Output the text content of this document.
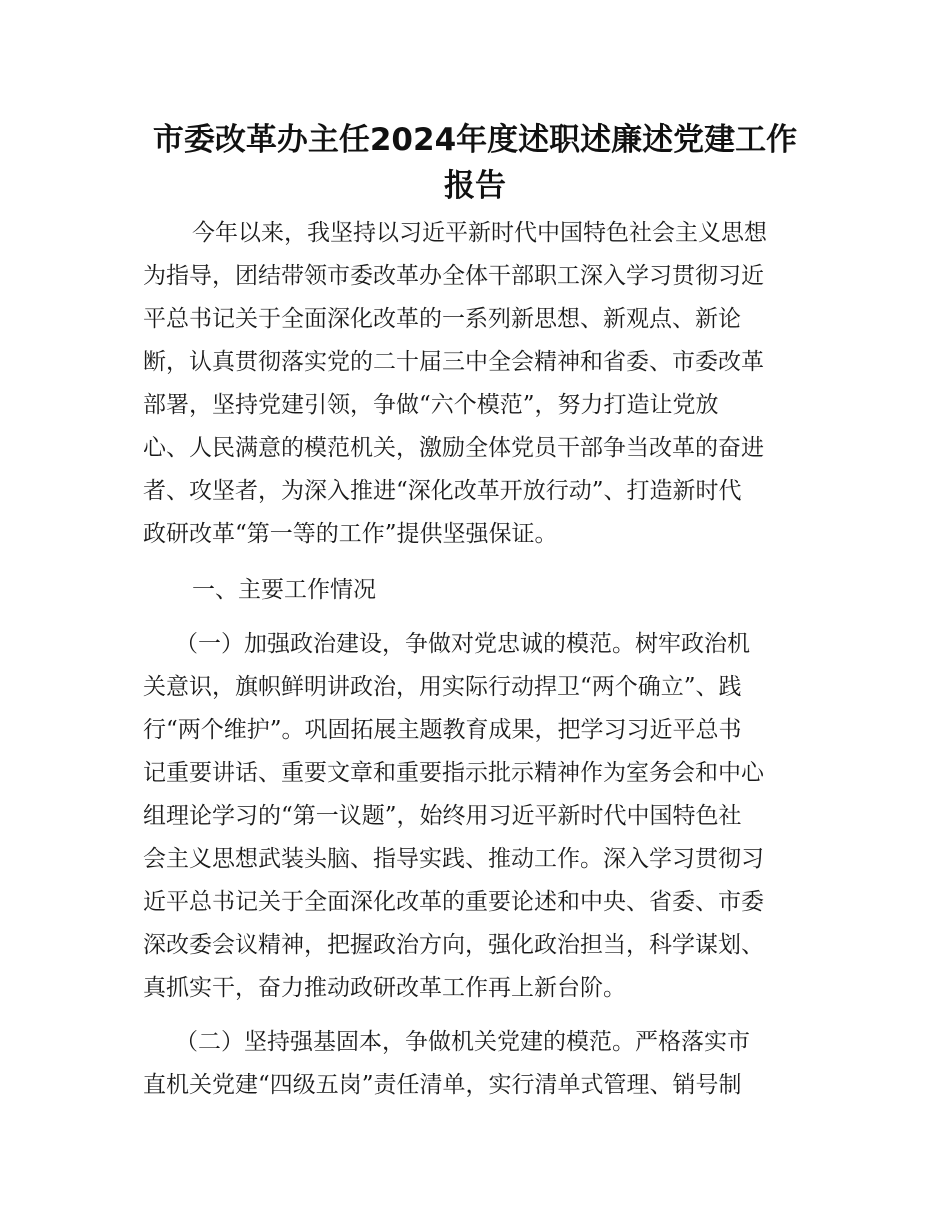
市委改革办主任2024年度述职述廉述党建工作
报告
今年以来，我坚持以习近平新时代中国特色社会主义思想
为指导，团结带领市委改革办全体干部职工深入学习贯彻习近
平总书记关于全面深化改革的一系列新思想、新观点、新论
断，认真贯彻落实党的二十届三中全会精神和省委、市委改革
部署，坚持党建引领，争做“六个模范”，努力打造让党放
心、人民满意的模范机关，激励全体党员干部争当改革的奋进
者、攻坚者，为深入推进“深化改革开放行动”、打造新时代
政研改革“第一等的工作”提供坚强保证。
一、主要工作情况
（一）加强政治建设，争做对党忠诚的模范。树牢政治机
关意识，旗帜鲜明讲政治，用实际行动捍卫“两个确立”、践
行“两个维护”。巩固拓展主题教育成果，把学习习近平总书
记重要讲话、重要文章和重要指示批示精神作为室务会和中心
组理论学习的“第一议题”，始终用习近平新时代中国特色社
会主义思想武装头脑、指导实践、推动工作。深入学习贯彻习
近平总书记关于全面深化改革的重要论述和中央、省委、市委
深改委会议精神，把握政治方向，强化政治担当，科学谋划、
真抓实干，奋力推动政研改革工作再上新台阶。
（二）坚持强基固本，争做机关党建的模范。严格落实市
直机关党建“四级五岗”责任清单，实行清单式管理、销号制
